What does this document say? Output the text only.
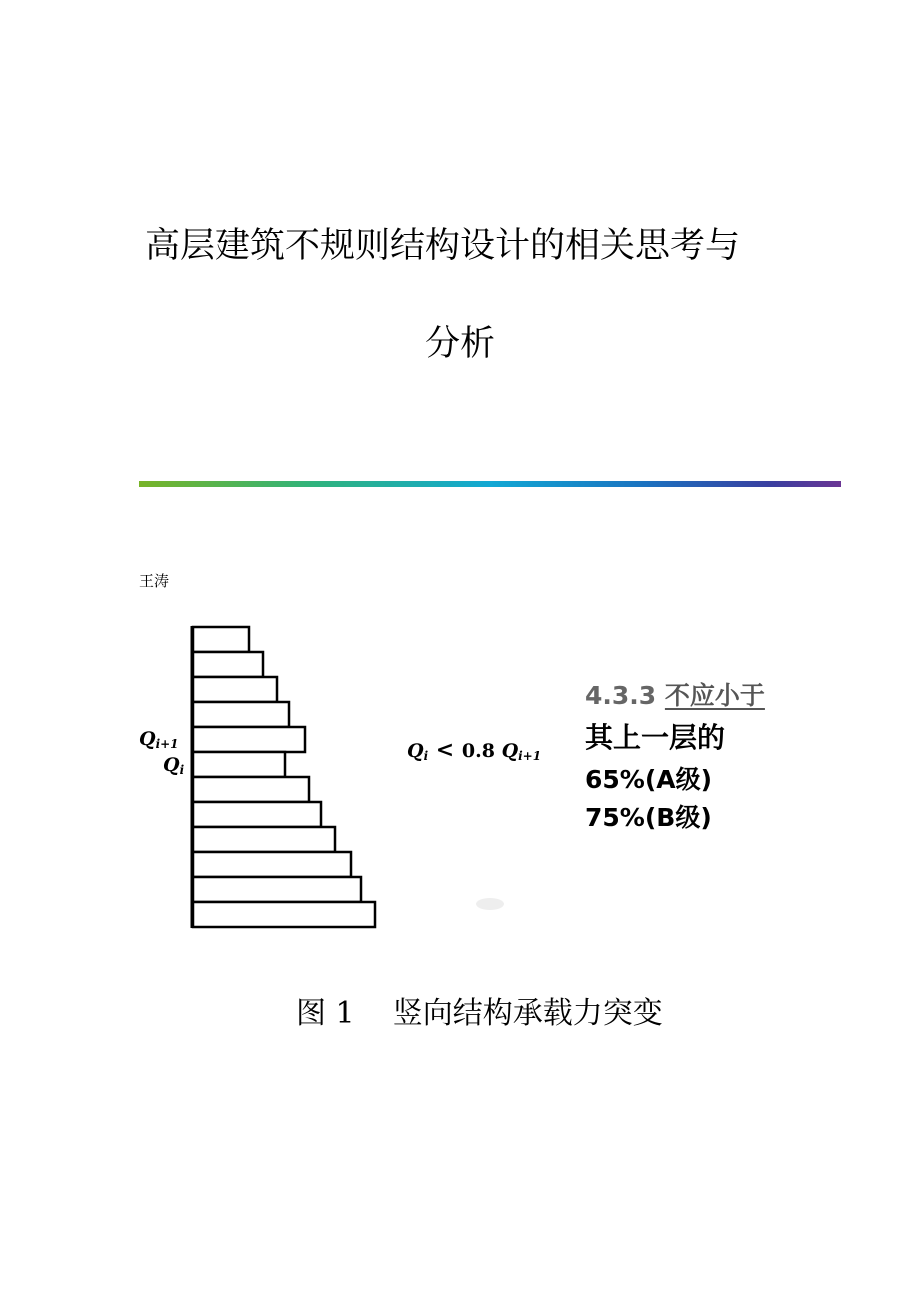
高层建筑不规则结构设计的相关思考与
分析
王涛
Qi+1
Qi
Qi < 0.8 Qi+1
4.3.3 不应小于
其上一层的
65%(A级)
75%(B级)
图 1 竖向结构承载力突变
